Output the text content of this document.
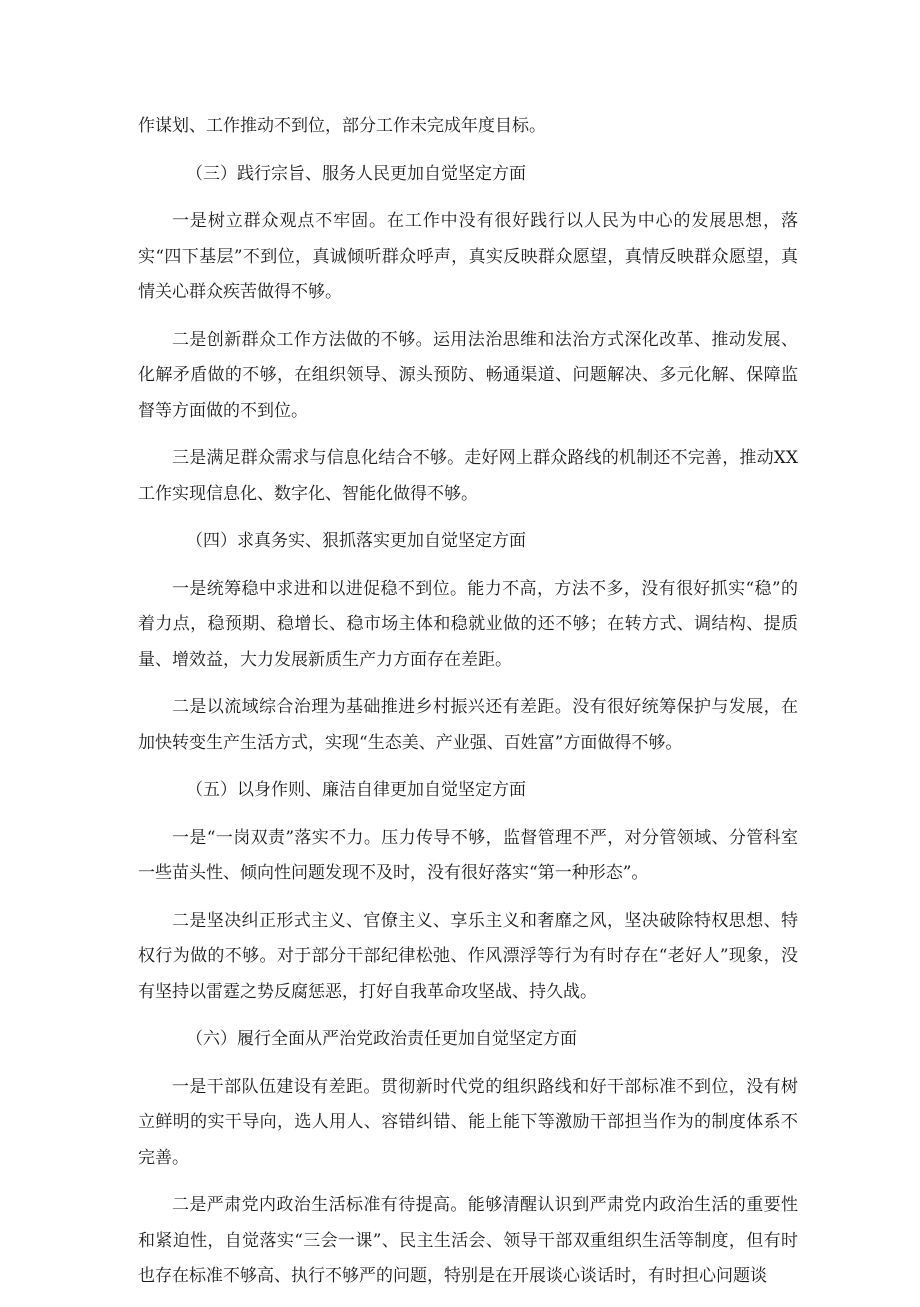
作谋划、工作推动不到位，部分工作未完成年度目标。

（三）践行宗旨、服务人民更加自觉坚定方面

一是树立群众观点不牢固。在工作中没有很好践行以人民为中心的发展思想，落实“四下基层”不到位，真诚倾听群众呼声，真实反映群众愿望，真情反映群众愿望，真情关心群众疾苦做得不够。

二是创新群众工作方法做的不够。运用法治思维和法治方式深化改革、推动发展、化解矛盾做的不够，在组织领导、源头预防、畅通渠道、问题解决、多元化解、保障监督等方面做的不到位。

三是满足群众需求与信息化结合不够。走好网上群众路线的机制还不完善，推动XX工作实现信息化、数字化、智能化做得不够。

（四）求真务实、狠抓落实更加自觉坚定方面

一是统筹稳中求进和以进促稳不到位。能力不高，方法不多，没有很好抓实“稳”的着力点，稳预期、稳增长、稳市场主体和稳就业做的还不够；在转方式、调结构、提质量、增效益，大力发展新质生产力方面存在差距。

二是以流域综合治理为基础推进乡村振兴还有差距。没有很好统筹保护与发展，在加快转变生产生活方式，实现“生态美、产业强、百姓富”方面做得不够。

（五）以身作则、廉洁自律更加自觉坚定方面

一是“一岗双责”落实不力。压力传导不够，监督管理不严，对分管领域、分管科室一些苗头性、倾向性问题发现不及时，没有很好落实“第一种形态”。

二是坚决纠正形式主义、官僚主义、享乐主义和奢靡之风，坚决破除特权思想、特权行为做的不够。对于部分干部纪律松弛、作风漂浮等行为有时存在“老好人”现象，没有坚持以雷霆之势反腐惩恶，打好自我革命攻坚战、持久战。

（六）履行全面从严治党政治责任更加自觉坚定方面

一是干部队伍建设有差距。贯彻新时代党的组织路线和好干部标准不到位，没有树立鲜明的实干导向，选人用人、容错纠错、能上能下等激励干部担当作为的制度体系不完善。

二是严肃党内政治生活标准有待提高。能够清醒认识到严肃党内政治生活的重要性和紧迫性，自觉落实“三会一课”、民主生活会、领导干部双重组织生活等制度，但有时也存在标准不够高、执行不够严的问题，特别是在开展谈心谈话时，有时担心问题谈
